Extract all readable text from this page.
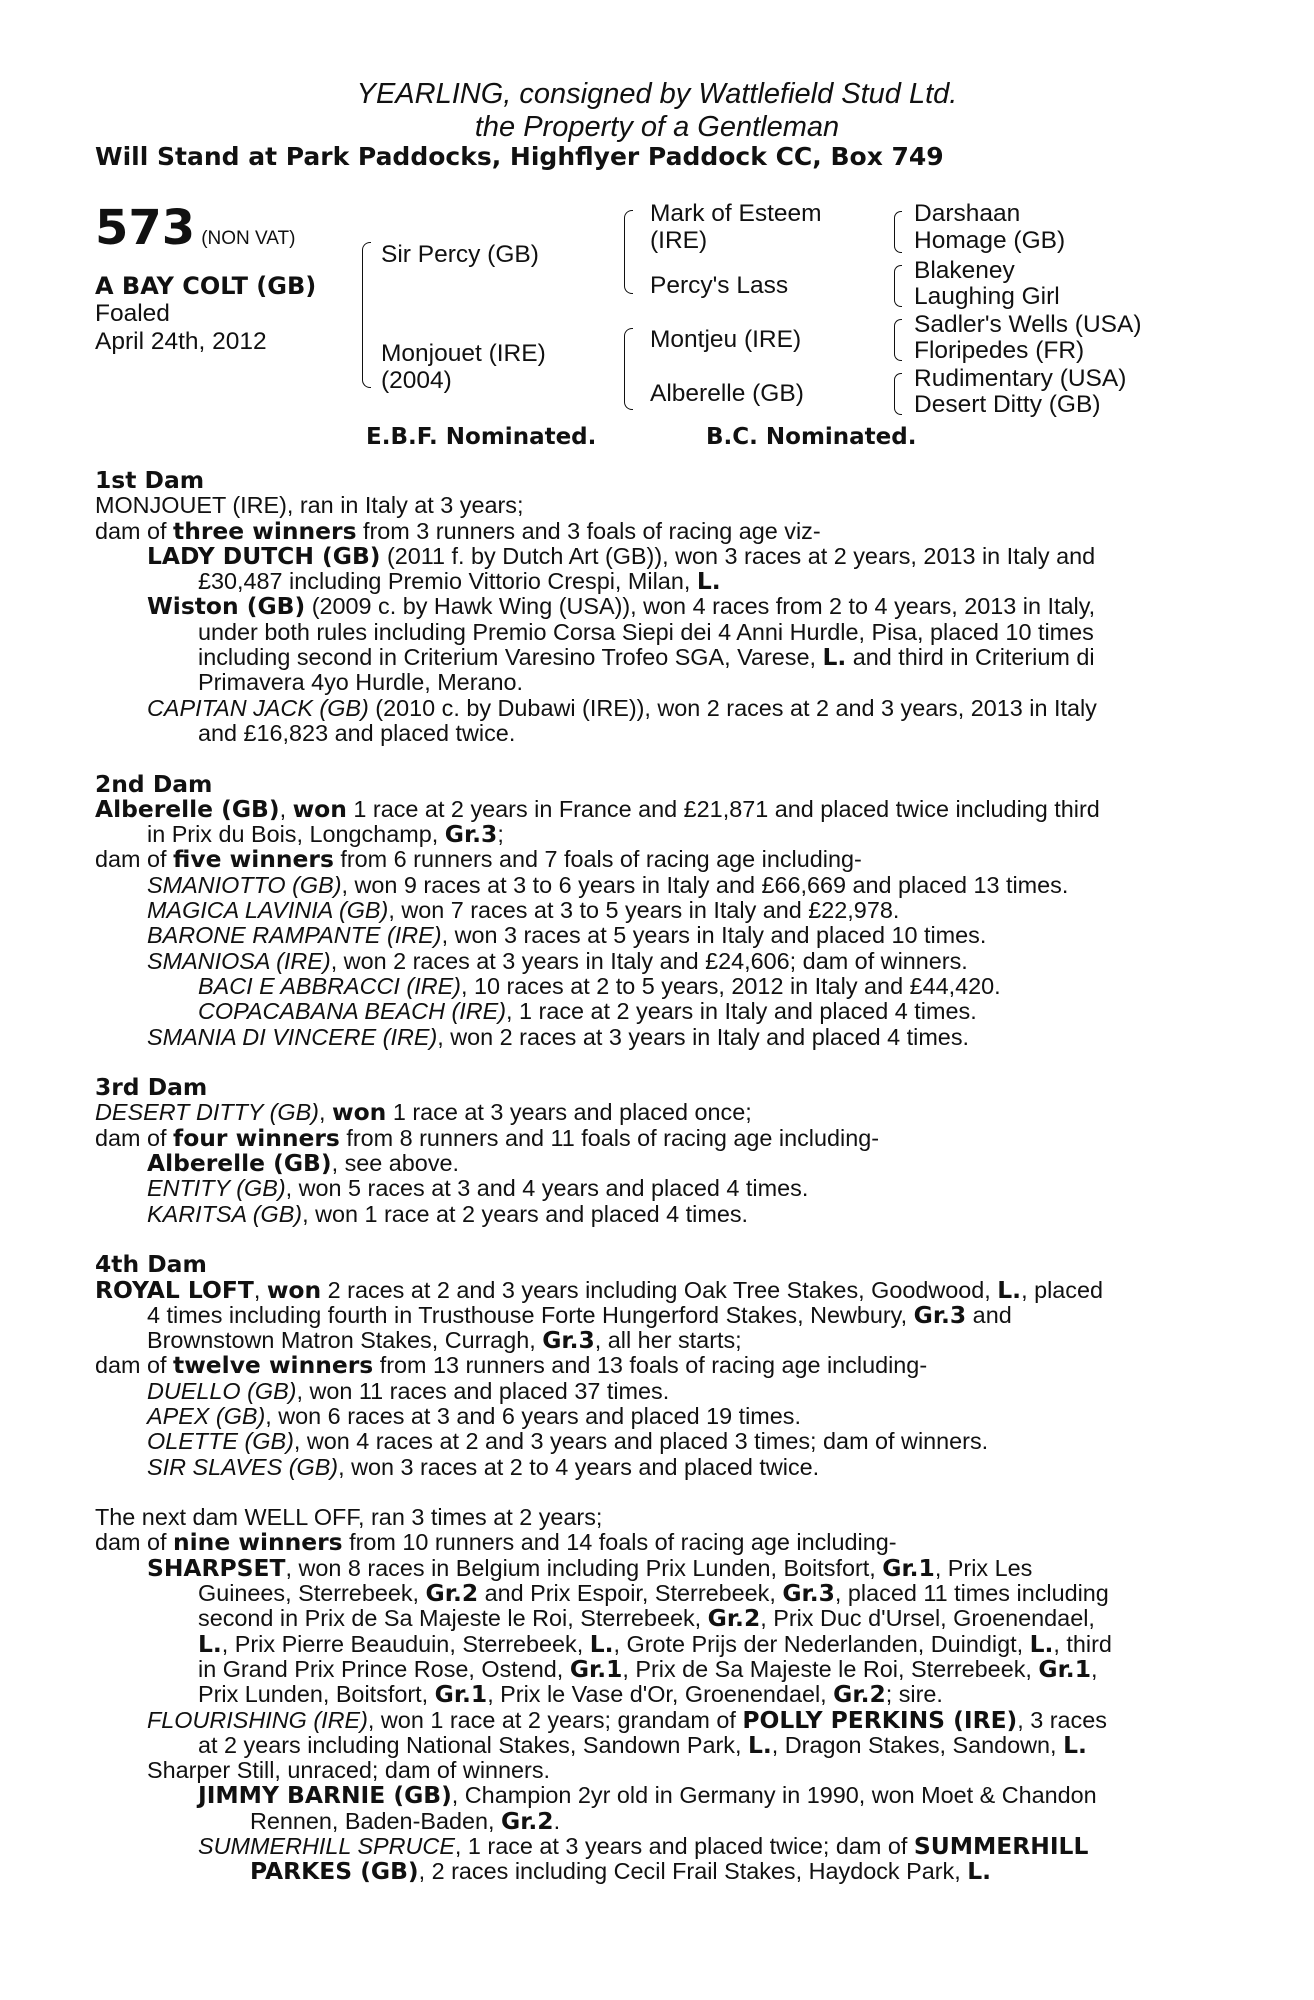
YEARLING, consigned by Wattlefield Stud Ltd.
the Property of a Gentleman
Will Stand at Park Paddocks, Highflyer Paddock CC, Box 749
573 (NON VAT)
A BAY COLT (GB)
Foaled
April 24th, 2012
Sir Percy (GB)
Monjouet (IRE)
(2004)
Mark of Esteem
(IRE)
Percy's Lass
Montjeu (IRE)
Alberelle (GB)
Darshaan
Homage (GB)
Blakeney
Laughing Girl
Sadler's Wells (USA)
Floripedes (FR)
Rudimentary (USA)
Desert Ditty (GB)
E.B.F. Nominated.	B.C. Nominated.

1st Dam

MONJOUET (IRE), ran in Italy at 3 years;

dam of three winners from 3 runners and 3 foals of racing age viz-

LADY DUTCH (GB) (2011 f. by Dutch Art (GB)), won 3 races at 2 years, 2013 in Italy and

£30,487 including Premio Vittorio Crespi, Milan, L.

Wiston (GB) (2009 c. by Hawk Wing (USA)), won 4 races from 2 to 4 years, 2013 in Italy,

under both rules including Premio Corsa Siepi dei 4 Anni Hurdle, Pisa, placed 10 times

including second in Criterium Varesino Trofeo SGA, Varese, L. and third in Criterium di

Primavera 4yo Hurdle, Merano.

CAPITAN JACK (GB) (2010 c. by Dubawi (IRE)), won 2 races at 2 and 3 years, 2013 in Italy

and £16,823 and placed twice.

2nd Dam

Alberelle (GB), won 1 race at 2 years in France and £21,871 and placed twice including third

in Prix du Bois, Longchamp, Gr.3;

dam of five winners from 6 runners and 7 foals of racing age including-

SMANIOTTO (GB), won 9 races at 3 to 6 years in Italy and £66,669 and placed 13 times.

MAGICA LAVINIA (GB), won 7 races at 3 to 5 years in Italy and £22,978.

BARONE RAMPANTE (IRE), won 3 races at 5 years in Italy and placed 10 times.

SMANIOSA (IRE), won 2 races at 3 years in Italy and £24,606; dam of winners.

BACI E ABBRACCI (IRE), 10 races at 2 to 5 years, 2012 in Italy and £44,420.

COPACABANA BEACH (IRE), 1 race at 2 years in Italy and placed 4 times.

SMANIA DI VINCERE (IRE), won 2 races at 3 years in Italy and placed 4 times.

3rd Dam

DESERT DITTY (GB), won 1 race at 3 years and placed once;

dam of four winners from 8 runners and 11 foals of racing age including-

Alberelle (GB), see above.

ENTITY (GB), won 5 races at 3 and 4 years and placed 4 times.

KARITSA (GB), won 1 race at 2 years and placed 4 times.

4th Dam

ROYAL LOFT, won 2 races at 2 and 3 years including Oak Tree Stakes, Goodwood, L., placed

4 times including fourth in Trusthouse Forte Hungerford Stakes, Newbury, Gr.3 and

Brownstown Matron Stakes, Curragh, Gr.3, all her starts;

dam of twelve winners from 13 runners and 13 foals of racing age including-

DUELLO (GB), won 11 races and placed 37 times.

APEX (GB), won 6 races at 3 and 6 years and placed 19 times.

OLETTE (GB), won 4 races at 2 and 3 years and placed 3 times; dam of winners.

SIR SLAVES (GB), won 3 races at 2 to 4 years and placed twice.

The next dam WELL OFF, ran 3 times at 2 years;

dam of nine winners from 10 runners and 14 foals of racing age including-

SHARPSET, won 8 races in Belgium including Prix Lunden, Boitsfort, Gr.1, Prix Les

Guinees, Sterrebeek, Gr.2 and Prix Espoir, Sterrebeek, Gr.3, placed 11 times including

second in Prix de Sa Majeste le Roi, Sterrebeek, Gr.2, Prix Duc d'Ursel, Groenendael,

L., Prix Pierre Beauduin, Sterrebeek, L., Grote Prijs der Nederlanden, Duindigt, L., third

in Grand Prix Prince Rose, Ostend, Gr.1, Prix de Sa Majeste le Roi, Sterrebeek, Gr.1,

Prix Lunden, Boitsfort, Gr.1, Prix le Vase d'Or, Groenendael, Gr.2; sire.

FLOURISHING (IRE), won 1 race at 2 years; grandam of POLLY PERKINS (IRE), 3 races

at 2 years including National Stakes, Sandown Park, L., Dragon Stakes, Sandown, L.

Sharper Still, unraced; dam of winners.

JIMMY BARNIE (GB), Champion 2yr old in Germany in 1990, won Moet & Chandon

Rennen, Baden-Baden, Gr.2.

SUMMERHILL SPRUCE, 1 race at 3 years and placed twice; dam of SUMMERHILL

PARKES (GB), 2 races including Cecil Frail Stakes, Haydock Park, L.
